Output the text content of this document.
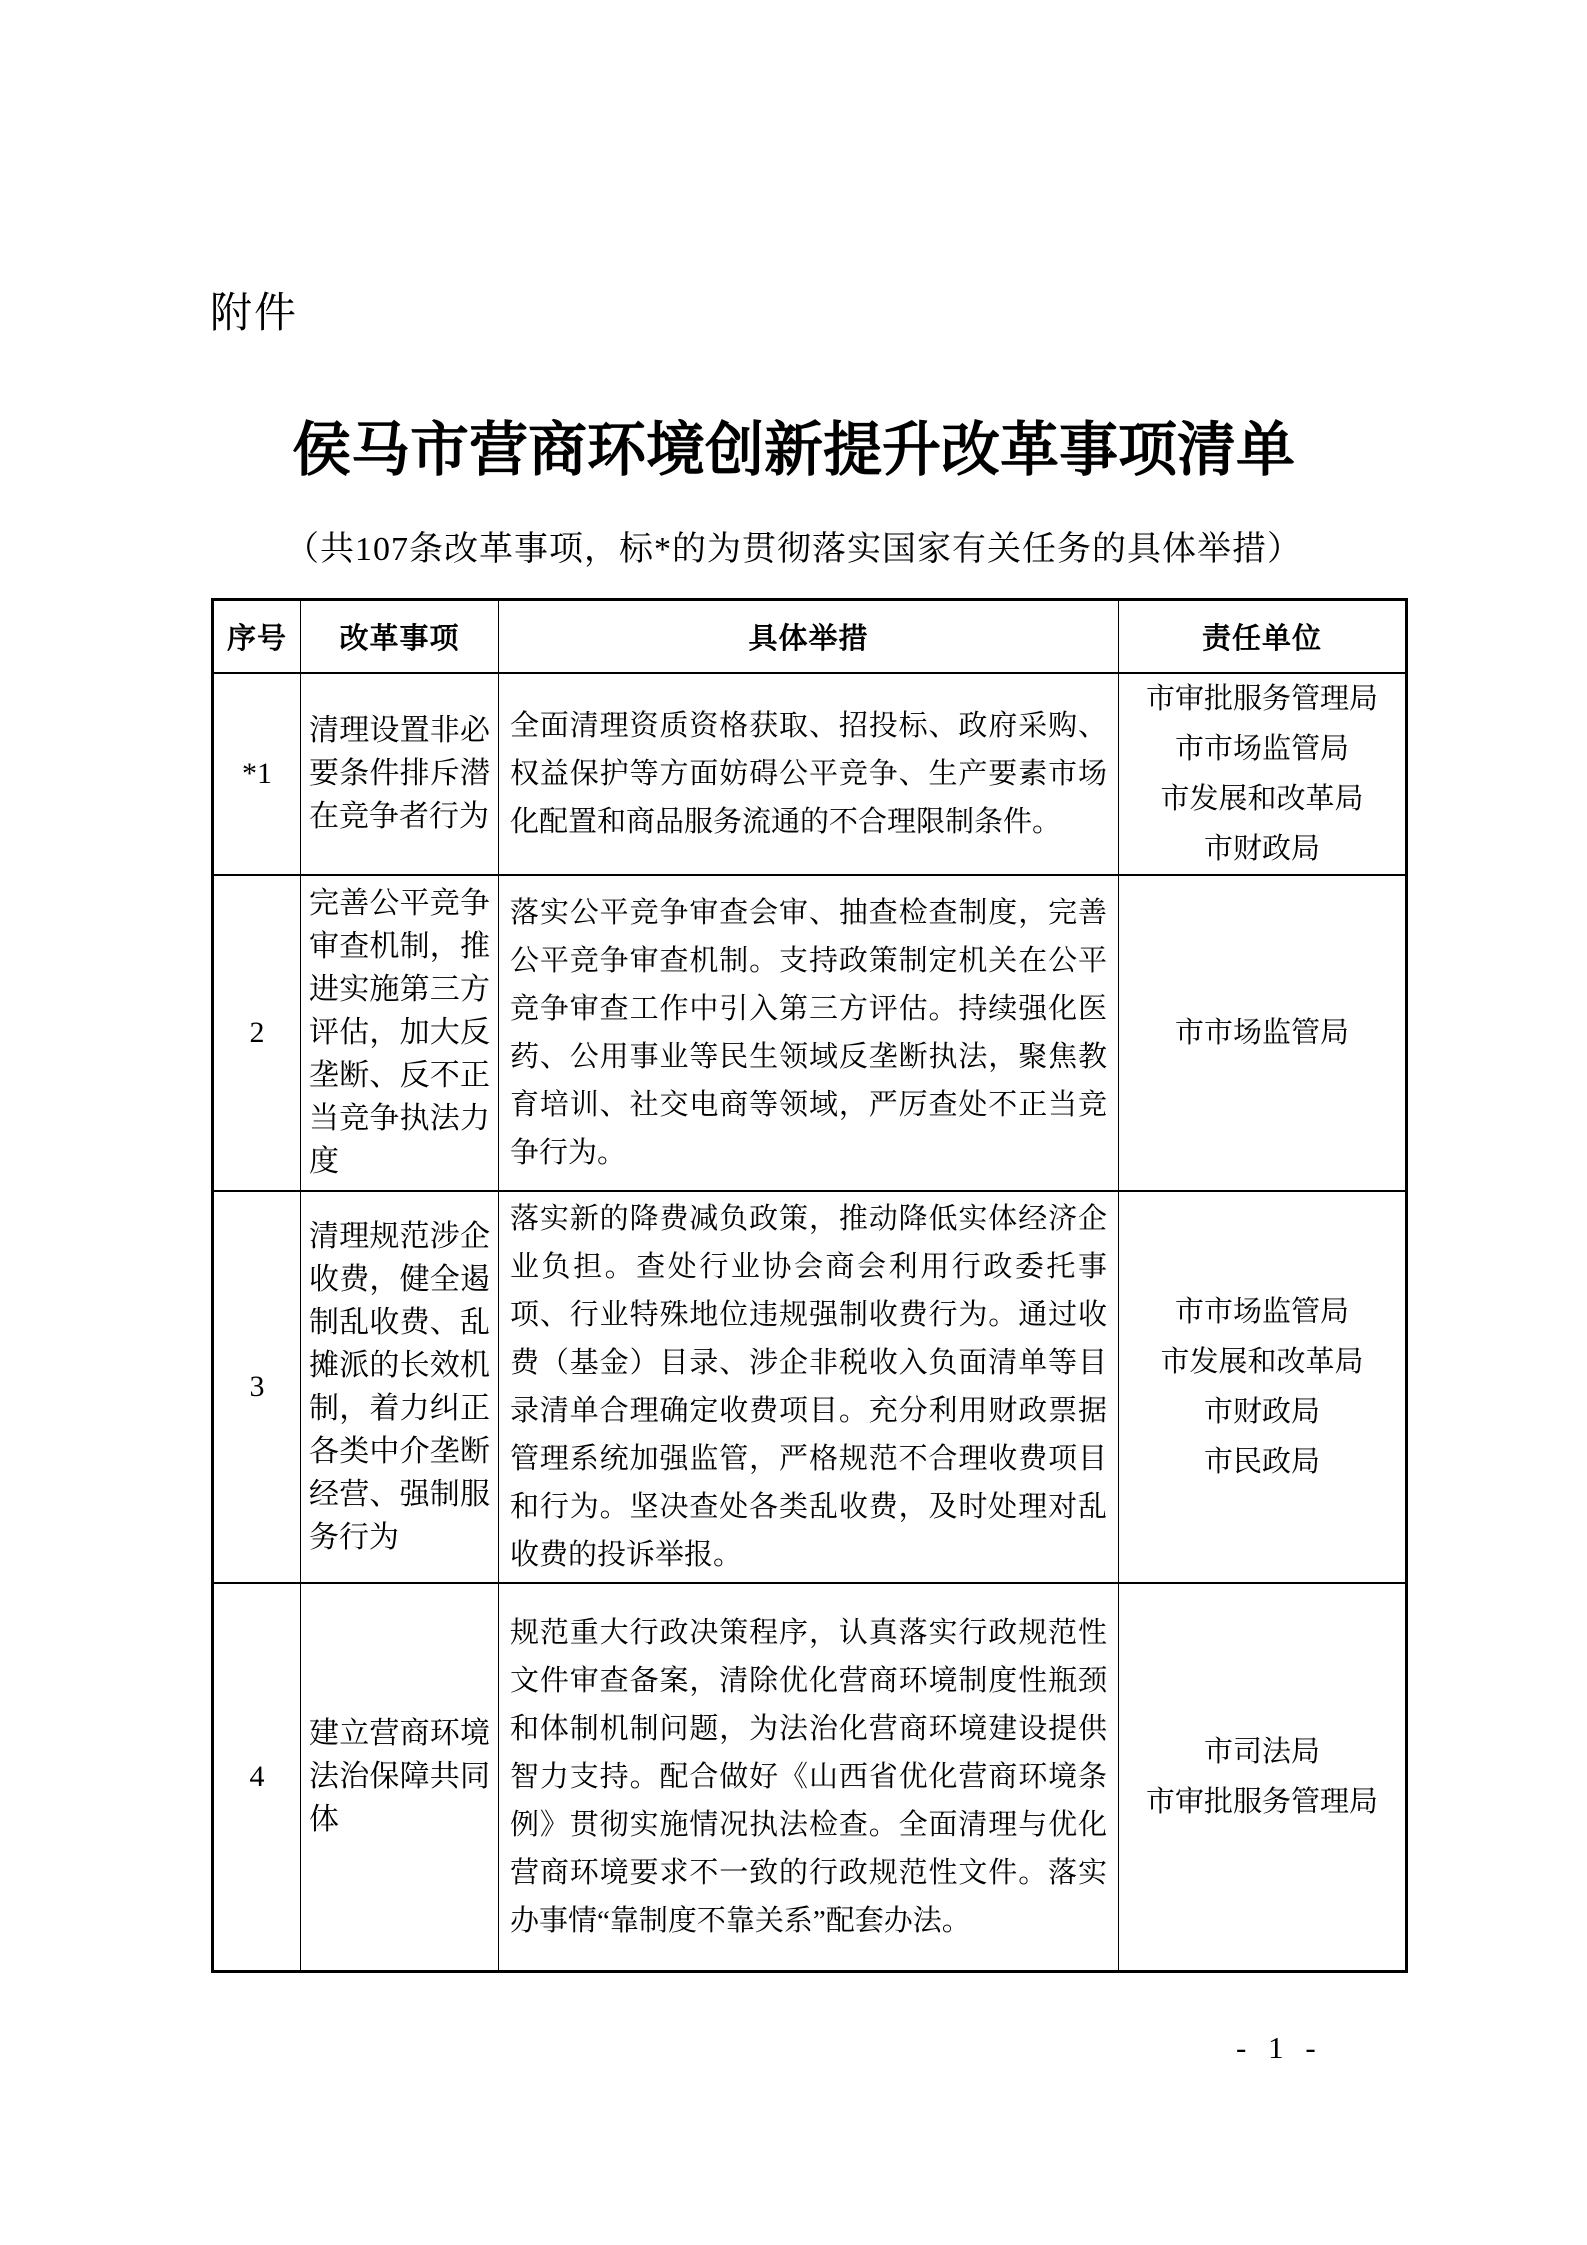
附件
侯马市营商环境创新提升改革事项清单
（共107条改革事项，标*的为贯彻落实国家有关任务的具体举措）
序号	改革事项	具体举措	责任单位
*1	清理设置非必要条件排斥潜在竞争者行为	全面清理资质资格获取、招投标、政府采购、权益保护等方面妨碍公平竞争、生产要素市场化配置和商品服务流通的不合理限制条件。	市审批服务管理局
市市场监管局
市发展和改革局
市财政局

2	完善公平竞争审查机制，推进实施第三方评估，加大反垄断、反不正当竞争执法力度	落实公平竞争审查会审、抽查检查制度，完善公平竞争审查机制。支持政策制定机关在公平竞争审查工作中引入第三方评估。持续强化医药、公用事业等民生领域反垄断执法，聚焦教育培训、社交电商等领域，严厉查处不正当竞争行为。	市市场监管局

3	清理规范涉企收费，健全遏制乱收费、乱摊派的长效机制，着力纠正各类中介垄断经营、强制服务行为	落实新的降费减负政策，推动降低实体经济企业负担。查处行业协会商会利用行政委托事项、行业特殊地位违规强制收费行为。通过收费（基金）目录、涉企非税收入负面清单等目录清单合理确定收费项目。充分利用财政票据管理系统加强监管，严格规范不合理收费项目和行为。坚决查处各类乱收费，及时处理对乱收费的投诉举报。	市市场监管局
市发展和改革局
市财政局
市民政局

4	建立营商环境法治保障共同体	规范重大行政决策程序，认真落实行政规范性文件审查备案，清除优化营商环境制度性瓶颈和体制机制问题，为法治化营商环境建设提供智力支持。配合做好《山西省优化营商环境条例》贯彻实施情况执法检查。全面清理与优化营商环境要求不一致的行政规范性文件。落实办事情“靠制度不靠关系”配套办法。	市司法局
市审批服务管理局
- 1 -
